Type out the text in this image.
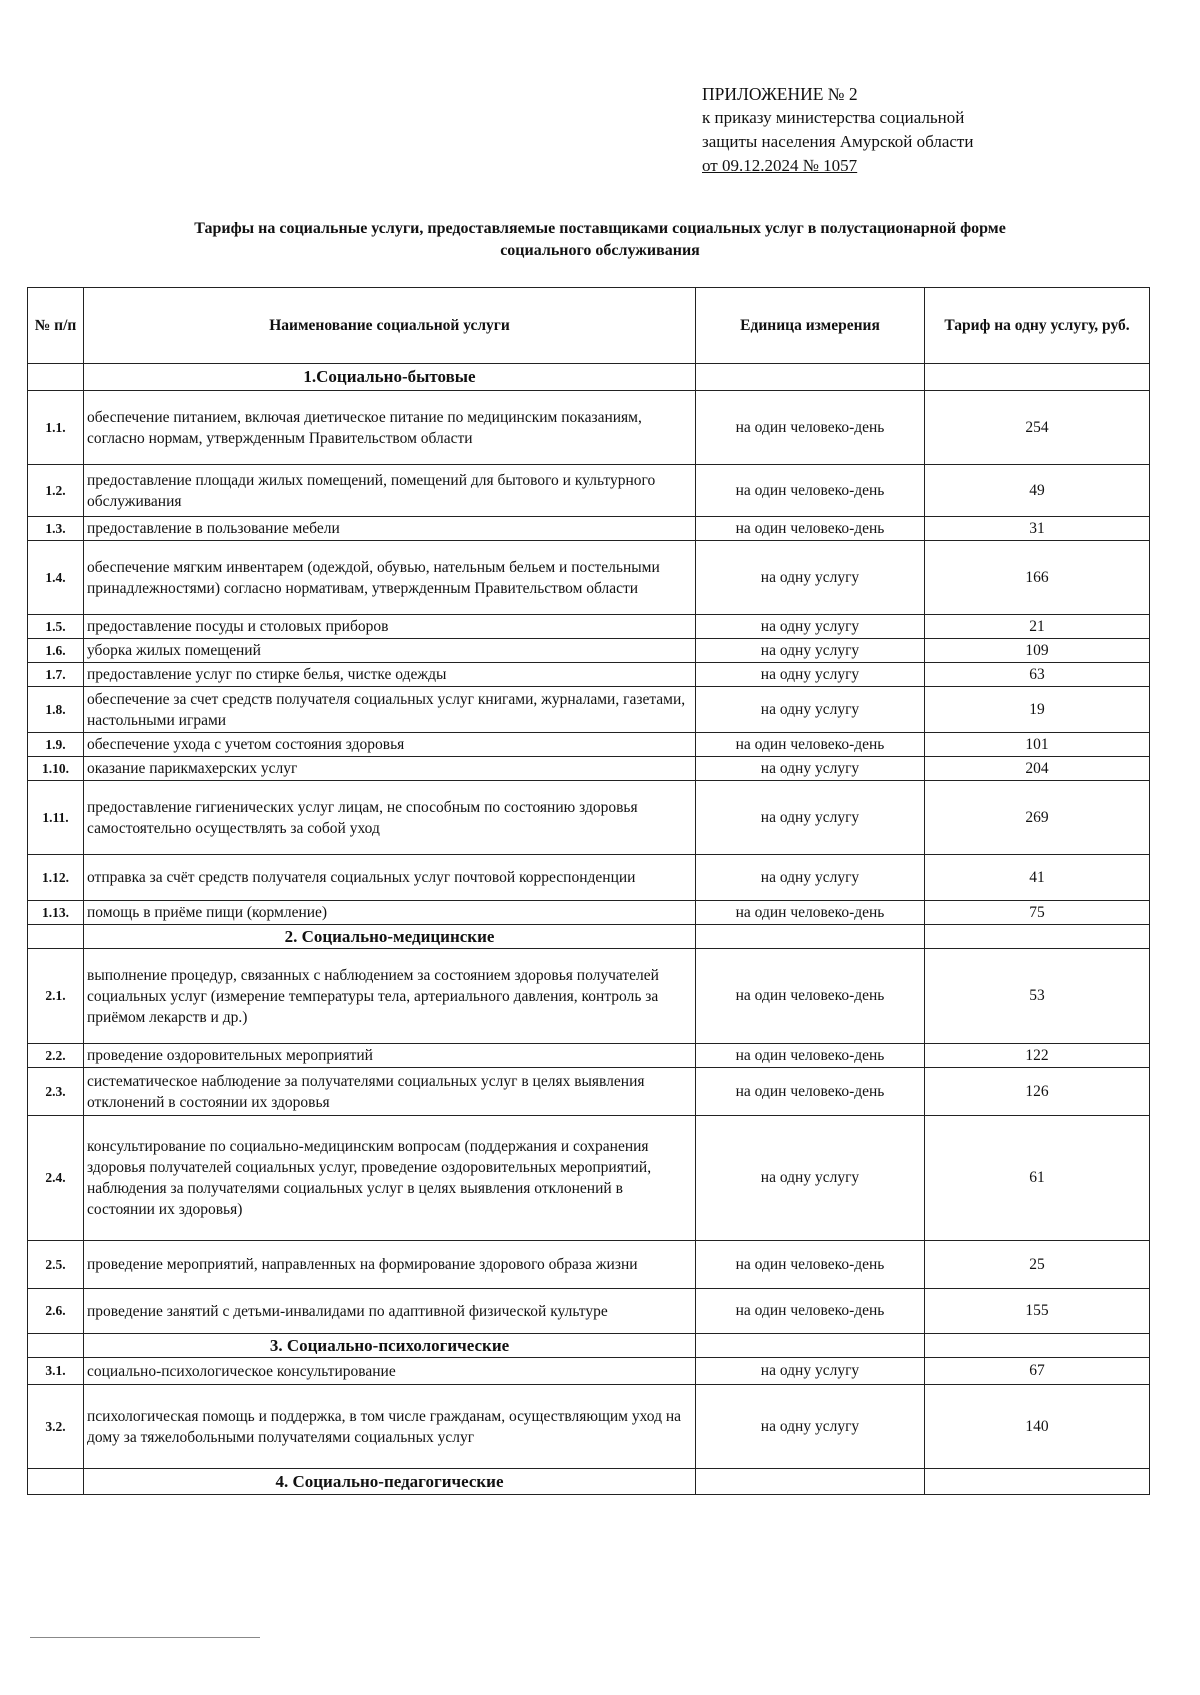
ПРИЛОЖЕНИЕ № 2
к приказу министерства социальной
защиты населения Амурской области
от 09.12.2024 № 1057
Тарифы на социальные услуги, предоставляемые поставщиками социальных услуг в полустационарной форме
социального обслуживания
№ п/п	Наименование социальной услуги	Единица измерения	Тариф на одну услугу, руб.
	1.Социально-бытовые		
1.1.	обеспечение питанием, включая диетическое питание по медицинским показаниям, согласно нормам, утвержденным Правительством области	на один человеко-день	254
1.2.	предоставление площади жилых помещений, помещений для бытового и культурного обслуживания	на один человеко-день	49
1.3.	предоставление в пользование мебели	на один человеко-день	31
1.4.	обеспечение мягким инвентарем (одеждой, обувью, нательным бельем и постельными принадлежностями) согласно нормативам, утвержденным Правительством области	на одну услугу	166
1.5.	предоставление посуды и столовых приборов	на одну услугу	21
1.6.	уборка жилых помещений	на одну услугу	109
1.7.	предоставление услуг по стирке белья, чистке одежды	на одну услугу	63
1.8.	обеспечение за счет средств получателя социальных услуг книгами, журналами, газетами, настольными играми	на одну услугу	19
1.9.	обеспечение ухода с учетом состояния здоровья	на один человеко-день	101
1.10.	оказание парикмахерских услуг	на одну услугу	204
1.11.	предоставление гигиенических услуг лицам, не способным по состоянию здоровья самостоятельно осуществлять за собой уход	на одну услугу	269
1.12.	отправка за счёт средств получателя социальных услуг почтовой корреспонденции	на одну услугу	41
1.13.	помощь в приёме пищи (кормление)	на один человеко-день	75
	2. Социально-медицинские		
2.1.	выполнение процедур, связанных с наблюдением за состоянием здоровья получателей социальных услуг (измерение температуры тела, артериального давления, контроль за приёмом лекарств и др.)	на один человеко-день	53
2.2.	проведение оздоровительных мероприятий	на один человеко-день	122
2.3.	систематическое наблюдение за получателями социальных услуг в целях выявления отклонений в состоянии их здоровья	на один человеко-день	126
2.4.	консультирование по социально-медицинским вопросам (поддержания и сохранения здоровья получателей социальных услуг, проведение оздоровительных мероприятий, наблюдения за получателями социальных услуг в целях выявления отклонений в состоянии их здоровья)	на одну услугу	61
2.5.	проведение мероприятий, направленных на формирование здорового образа жизни	на один человеко-день	25
2.6.	проведение занятий с детьми-инвалидами по адаптивной физической культуре	на один человеко-день	155
	3. Социально-психологические		
3.1.	социально-психологическое консультирование	на одну услугу	67
3.2.	психологическая помощь и поддержка, в том числе гражданам, осуществляющим уход на дому за тяжелобольными получателями социальных услуг	на одну услугу	140
	4. Социально-педагогические		
